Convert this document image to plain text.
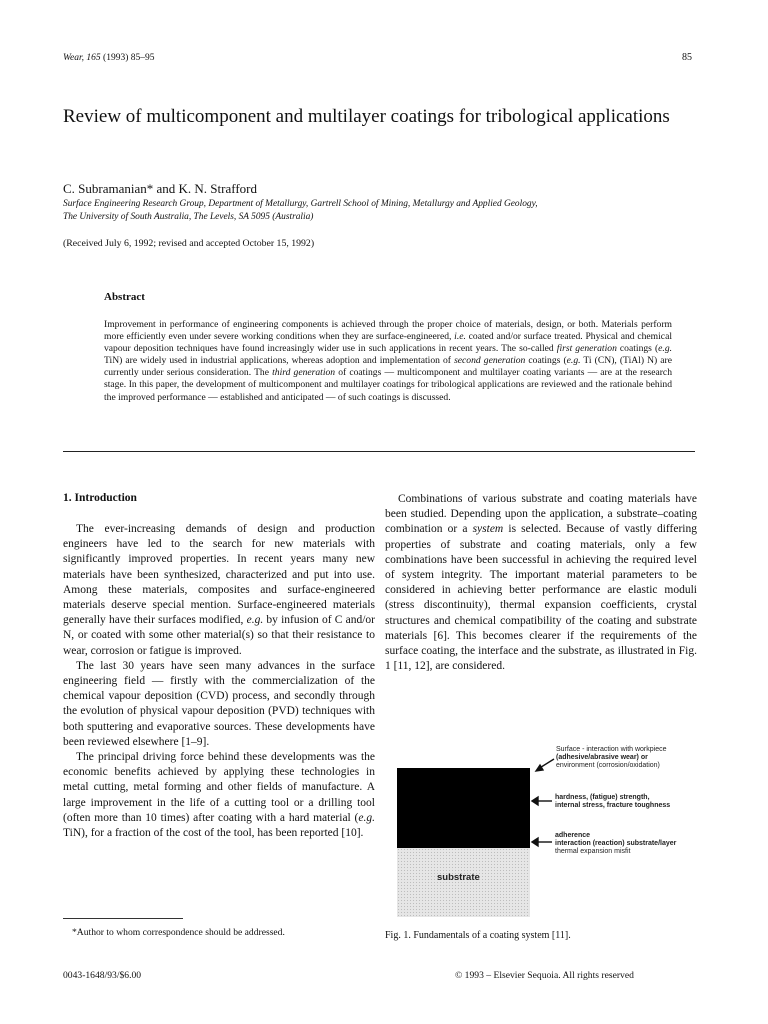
Wear, 165 (1993) 85–95	85
Review of multicomponent and multilayer coatings for tribological applications
C. Subramanian* and K. N. Strafford
Surface Engineering Research Group, Department of Metallurgy, Gartrell School of Mining, Metallurgy and Applied Geology,
The University of South Australia, The Levels, SA 5095 (Australia)
(Received July 6, 1992; revised and accepted October 15, 1992)
Abstract
Improvement in performance of engineering components is achieved through the proper choice of materials, design, or both. Materials perform more efficiently even under severe working conditions when they are surface-engineered, i.e. coated and/or surface treated. Physical and chemical vapour deposition techniques have found increasingly wider use in such applications in recent years. The so-called first generation coatings (e.g. TiN) are widely used in industrial applications, whereas adoption and implementation of second generation coatings (e.g. Ti (CN), (TiAl) N) are currently under serious consideration. The third generation of coatings — multicomponent and multilayer coating variants — are at the research stage. In this paper, the development of multicomponent and multilayer coatings for tribological applications are reviewed and the rationale behind the improved performance — established and anticipated — of such coatings is discussed.
1. Introduction

The ever-increasing demands of design and production engineers have led to the search for new materials with significantly improved properties. In recent years many new materials have been synthesized, characterized and put into use. Among these materials, composites and surface-engineered materials deserve special mention. Surface-engineered materials generally have their surfaces modified, e.g. by infusion of C and/or N, or coated with some other material(s) so that their resistance to wear, corrosion or fatigue is improved.

The last 30 years have seen many advances in the surface engineering field — firstly with the commercialization of the chemical vapour deposition (CVD) process, and secondly through the evolution of physical vapour deposition (PVD) techniques with both sputtering and evaporative sources. These developments have been reviewed elsewhere [1–9].

The principal driving force behind these developments was the economic benefits achieved by applying these technologies in metal cutting, metal forming and other fields of manufacture. A large improvement in the life of a cutting tool or a drilling tool (often more than 10 times) after coating with a hard material (e.g. TiN), for a fraction of the cost of the tool, has been reported [10].

*Author to whom correspondence should be addressed.

Combinations of various substrate and coating materials have been studied. Depending upon the application, a substrate–coating combination or a system is selected. Because of vastly differing properties of substrate and coating materials, only a few combinations have been successful in achieving the required level of system integrity. The important material parameters to be considered in achieving better performance are elastic moduli (stress discontinuity), thermal expansion coefficients, crystal structures and chemical compatibility of the coating and substrate materials [6]. This becomes clearer if the requirements of the surface coating, the interface and the substrate, as illustrated in Fig. 1 [11, 12], are considered.

substrate
Surface - interaction with workpiece
(adhesive/abrasive wear) or
environment (corrosion/oxidation)
hardness, (fatigue) strength,
internal stress, fracture toughness
adherence
interaction (reaction) substrate/layer
thermal expansion misfit
Fig. 1. Fundamentals of a coating system [11].
0043-1648/93/$6.00	© 1993 – Elsevier Sequoia. All rights reserved
